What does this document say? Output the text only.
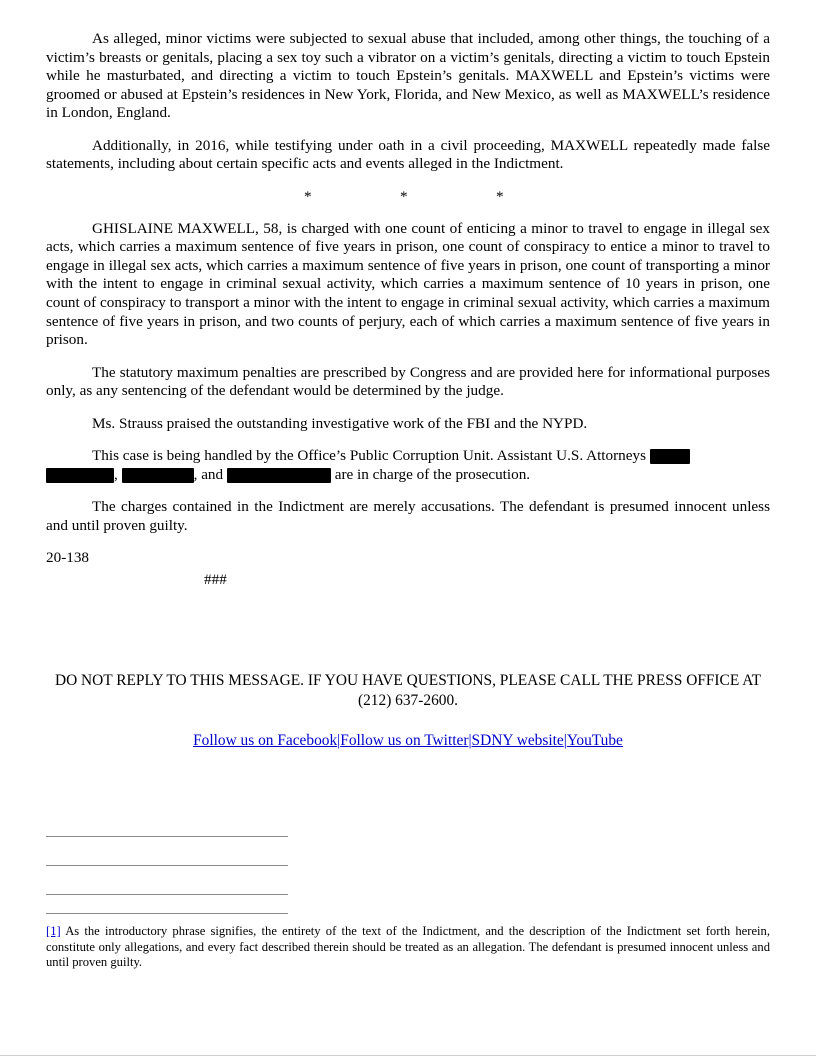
As alleged, minor victims were subjected to sexual abuse that included, among other things, the touching of a victim’s breasts or genitals, placing a sex toy such a vibrator on a victim’s genitals, directing a victim to touch Epstein while he masturbated, and directing a victim to touch Epstein’s genitals. MAXWELL and Epstein’s victims were groomed or abused at Epstein’s residences in New York, Florida, and New Mexico, as well as MAXWELL’s residence in London, England.

Additionally, in 2016, while testifying under oath in a civil proceeding, MAXWELL repeatedly made false statements, including about certain specific acts and events alleged in the Indictment.

*	*	*

GHISLAINE MAXWELL, 58, is charged with one count of enticing a minor to travel to engage in illegal sex acts, which carries a maximum sentence of five years in prison, one count of conspiracy to entice a minor to travel to engage in illegal sex acts, which carries a maximum sentence of five years in prison, one count of transporting a minor with the intent to engage in criminal sexual activity, which carries a maximum sentence of 10 years in prison, one count of conspiracy to transport a minor with the intent to engage in criminal sexual activity, which carries a maximum sentence of five years in prison, and two counts of perjury, each of which carries a maximum sentence of five years in prison.

The statutory maximum penalties are prescribed by Congress and are provided here for informational purposes only, as any sentencing of the defendant would be determined by the judge.

Ms. Strauss praised the outstanding investigative work of the FBI and the NYPD.

This case is being handled by the Office’s Public Corruption Unit. Assistant U.S. Attorneys
,	, and	are in charge of the prosecution.

The charges contained in the Indictment are merely accusations. The defendant is presumed innocent unless and until proven guilty.

20-138
###
DO NOT REPLY TO THIS MESSAGE. IF YOU HAVE QUESTIONS, PLEASE CALL THE PRESS OFFICE AT (212) 637-2600.
Follow us on Facebook|Follow us on Twitter|SDNY website|YouTube
[1] As the introductory phrase signifies, the entirety of the text of the Indictment, and the description of the Indictment set forth herein, constitute only allegations, and every fact described therein should be treated as an allegation. The defendant is presumed innocent unless and until proven guilty.
